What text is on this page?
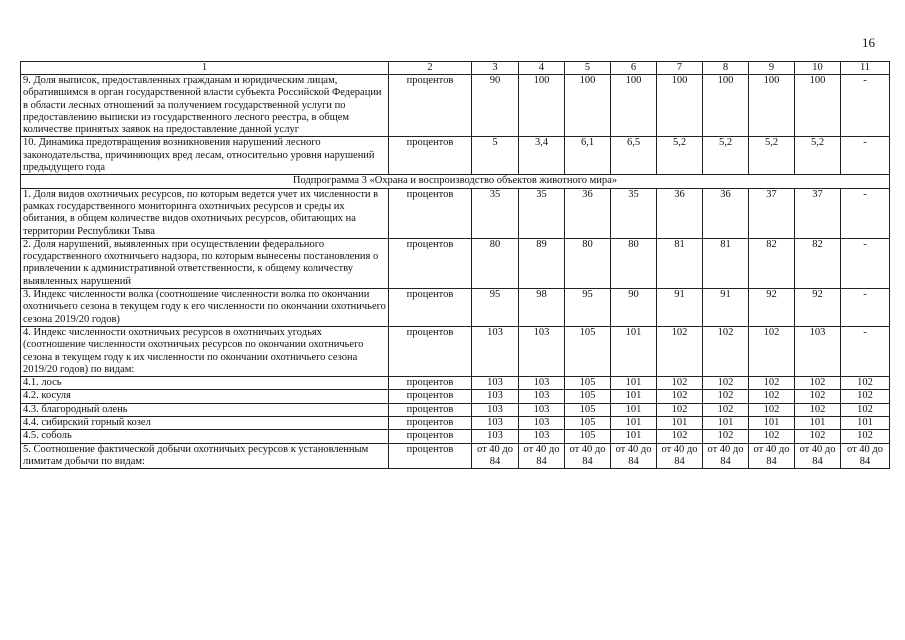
16
1	2	3	4	5	6	7	8	9	10	11
9. Доля выписок, предоставленных гражданам и юридическим лицам, обратившимся в орган государственной власти субъекта Российской Федерации в области лесных отношений за получением государственной услуги по предоставлению выписки из государственного лесного реестра, в общем количестве принятых заявок на предоставление данной услуг	процентов	90	100	100	100	100	100	100	100	-
10. Динамика предотвращения возникновения нарушений лесного законодательства, причиняющих вред лесам, относительно уровня нарушений предыдущего года	процентов	5	3,4	6,1	6,5	5,2	5,2	5,2	5,2	-
Подпрограмма 3 «Охрана и воспроизводство объектов животного мира»										
1. Доля видов охотничьих ресурсов, по которым ведется учет их численности в рамках государственного мониторинга охотничьих ресурсов и среды их обитания, в общем количестве видов охотничьих ресурсов, обитающих на территории Республики Тыва	процентов	35	35	36	35	36	36	37	37	-
2. Доля нарушений, выявленных при осуществлении федерального государственного охотничьего надзора, по которым вынесены постановления о привлечении к административной ответственности, к общему количеству выявленных нарушений	процентов	80	89	80	80	81	81	82	82	-
3. Индекс численности волка (соотношение численности волка по окончании охотничьего сезона в текущем году к его численности по окончании охотничьего сезона 2019/20 годов)	процентов	95	98	95	90	91	91	92	92	-
4. Индекс численности охотничьих ресурсов в охотничьих угодьях (соотношение численности охотничьих ресурсов по окончании охотничьего сезона в текущем году к их численности по окончании охотничьего сезона 2019/20 годов) по видам:	процентов	103	103	105	101	102	102	102	103	-
4.1. лось	процентов	103	103	105	101	102	102	102	102	102
4.2. косуля	процентов	103	103	105	101	102	102	102	102	102
4.3. благородный олень	процентов	103	103	105	101	102	102	102	102	102
4.4. сибирский горный козел	процентов	103	103	105	101	101	101	101	101	101
4.5. соболь	процентов	103	103	105	101	102	102	102	102	102
5. Соотношение фактической добычи охотничьих ресурсов к установленным лимитам добычи по видам:	процентов	от 40 до 84	от 40 до 84	от 40 до 84	от 40 до 84	от 40 до 84	от 40 до 84	от 40 до 84	от 40 до 84	от 40 до 84
